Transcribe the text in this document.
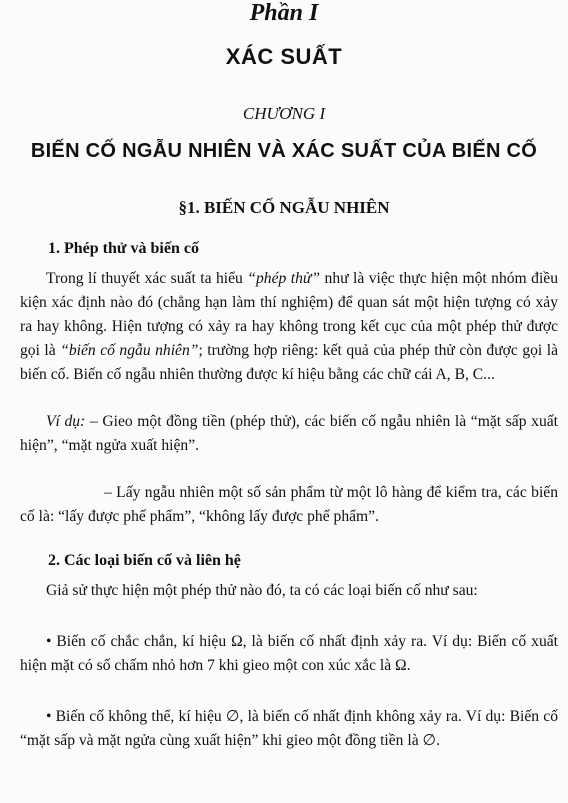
Phần I
XÁC SUẤT
CHƯƠNG I
BIẾN CỐ NGẪU NHIÊN VÀ XÁC SUẤT CỦA BIẾN CỐ
§1. BIẾN CỐ NGẪU NHIÊN
1. Phép thử và biến cố
Trong lí thuyết xác suất ta hiểu “phép thử” như là việc thực hiện một nhóm điều kiện xác định nào đó (chẳng hạn làm thí nghiệm) để quan sát một hiện tượng có xảy ra hay không. Hiện tượng có xảy ra hay không trong kết cục của một phép thử được gọi là “biến cố ngẫu nhiên”; trường hợp riêng: kết quả của phép thử còn được gọi là biến cố. Biến cố ngẫu nhiên thường được kí hiệu bằng các chữ cái A, B, C...
Ví dụ: – Gieo một đồng tiền (phép thử), các biến cố ngẫu nhiên là “mặt sấp xuất hiện”, “mặt ngửa xuất hiện”.
– Lấy ngẫu nhiên một số sản phẩm từ một lô hàng để kiểm tra, các biến cố là: “lấy được phế phẩm”, “không lấy được phế phẩm”.
2. Các loại biến cố và liên hệ
Giả sử thực hiện một phép thử nào đó, ta có các loại biến cố như sau:
• Biến cố chắc chắn, kí hiệu Ω, là biến cố nhất định xảy ra. Ví dụ: Biến cố xuất hiện mặt có số chấm nhỏ hơn 7 khi gieo một con xúc xắc là Ω.
• Biến cố không thể, kí hiệu ∅, là biến cố nhất định không xảy ra. Ví dụ: Biến cố “mặt sấp và mặt ngửa cùng xuất hiện” khi gieo một đồng tiền là ∅.
